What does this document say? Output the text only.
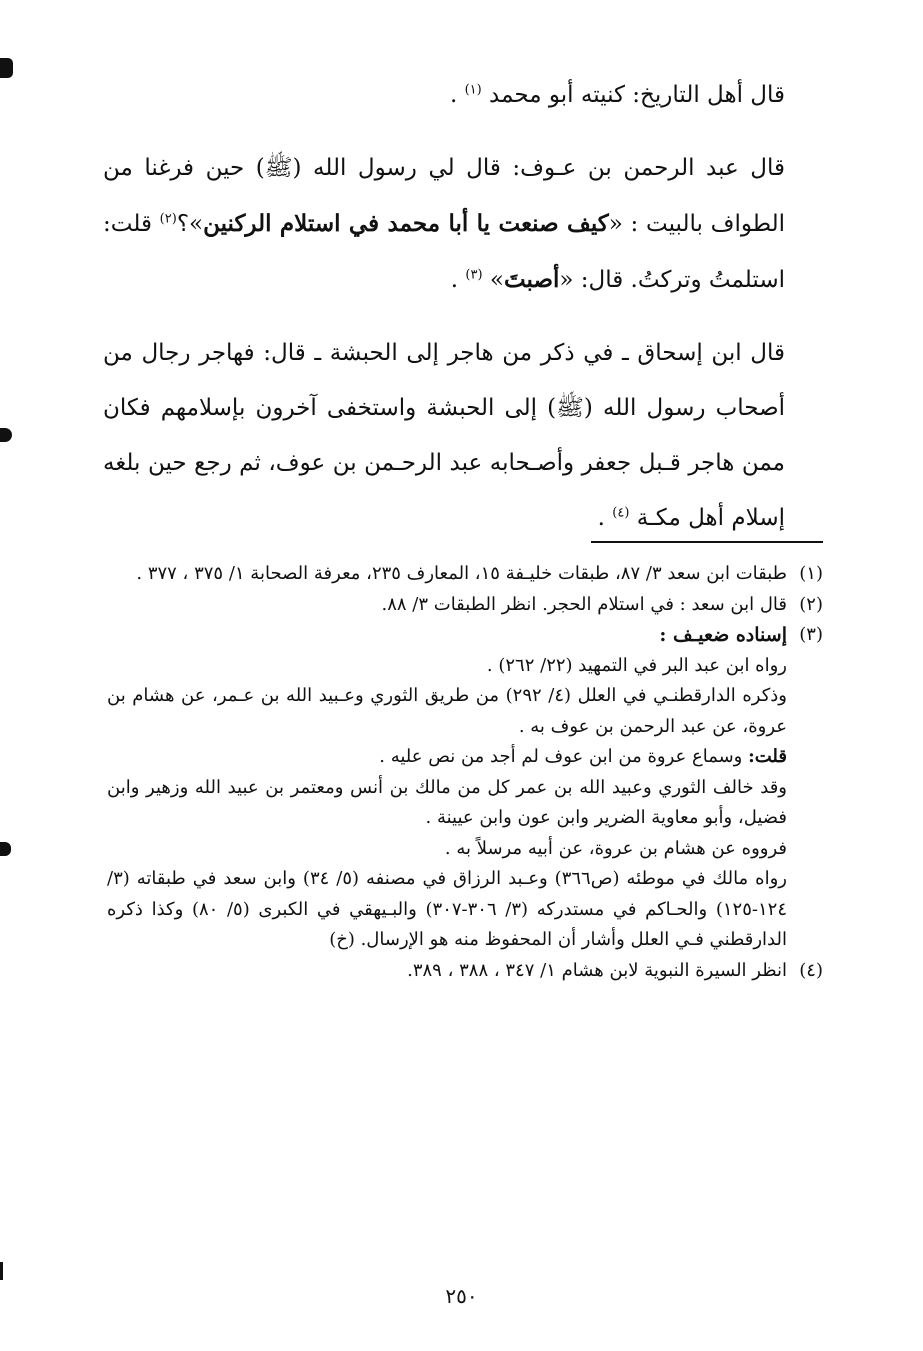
قال أهل التاريخ: كنيته أبو محمد $^{(١)}$ .

قال عبد الرحمن بن عـوف: قال لي رسول الله (ﷺ) حين فرغنا من الطواف بالبيت : «كيف صنعت يا أبا محمد في استلام الركنين»؟$^{(٢)}$ قلت: استلمتُ وتركتُ. قال: «أصبتَ» $^{(٣)}$ .

قال ابن إسحاق ـ في ذكر من هاجر إلى الحبشة ـ قال: فهاجر رجال من أصحاب رسول الله (ﷺ) إلى الحبشة واستخفى آخرون بإسلامهم فكان ممن هاجر قـبل جعفر وأصـحابه عبد الرحـمن بن عوف، ثم رجع حين بلغه إسلام أهل مكـة $^{(٤)}$ .

(١)
طبقات ابن سعد ٣/ ٨٧، طبقات خليـفة ١٥، المعارف ٢٣٥، معرفة الصحابة ١/ ٣٧٥ ، ٣٧٧ .
(٢)
قال ابن سعد : في استلام الحجر. انظر الطبقات ٣/ ٨٨.
(٣)
إسناده ضعيـف :
رواه ابن عبد البر في التمهيد (٢٢/ ٢٦٢) .
وذكره الدارقطنـي في العلل (٤/ ٢٩٢) من طريق الثوري وعـبيد الله بن عـمر، عن هشام بن عروة، عن عبد الرحمن بن عوف به .
قلت: وسماع عروة من ابن عوف لم أجد من نص عليه .
وقد خالف الثوري وعبيد الله بن عمر كل من مالك بن أنس ومعتمر بن عبيد الله وزهير وابن فضيل، وأبو معاوية الضرير وابن عون وابن عيينة .
فرووه عن هشام بن عروة، عن أبيه مرسلاً به .
رواه مالك في موطئه (ص٣٦٦) وعـبد الرزاق في مصنفه (٥/ ٣٤) وابن سعد في طبقاته (٣/ ١٢٤-١٢٥) والحـاكم في مستدركه (٣/ ٣٠٦-٣٠٧) والبـيهقي في الكبرى (٥/ ٨٠) وكذا ذكره الدارقطني فـي العلل وأشار أن المحفوظ منه هو الإرسال. (خ)
(٤)
انظر السيرة النبوية لابن هشام ١/ ٣٤٧ ، ٣٨٨ ، ٣٨٩.
٢٥٠
